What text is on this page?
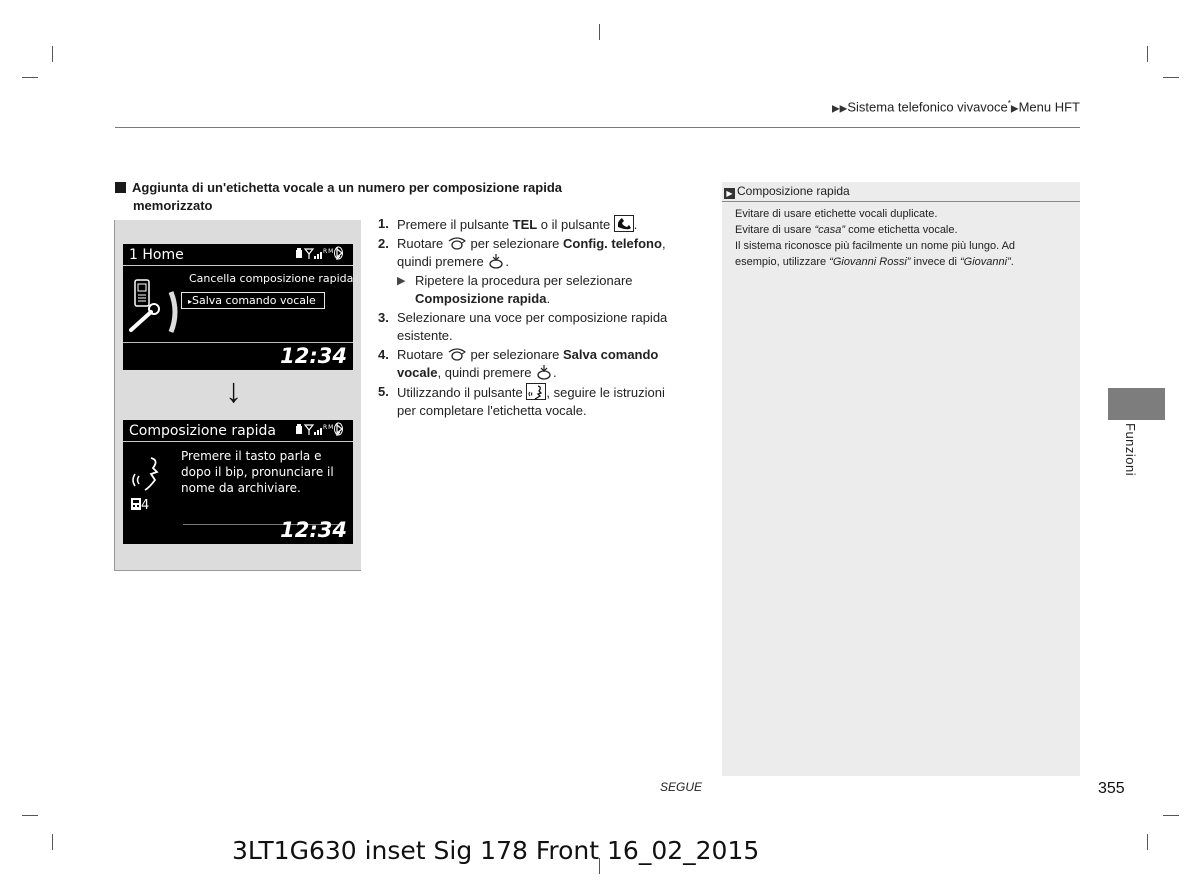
▶▶Sistema telefonico vivavoce*▶Menu HFT
Aggiunta di un'etichetta vocale a un numero per composizione rapida
memorizzato
1 Home	RM
Cancella composizione rapida
▸Salva comando vocale
12:34
↓
Composizione rapida	RM
Premere il tasto parla e dopo il bip, pronunciare il nome da archiviare.
4
12:34
1. Premere il pulsante TEL o il pulsante .
2. Ruotare  per selezionare Config. telefono,
quindi premere .
▶ Ripetere la procedura per selezionare
Composizione rapida.
3. Selezionare una voce per composizione rapida
esistente.
4. Ruotare  per selezionare Salva comando
vocale, quindi premere .
5. Utilizzando il pulsante , seguire le istruzioni
per completare l'etichetta vocale.
▶ Composizione rapida
Evitare di usare etichette vocali duplicate.
Evitare di usare “casa” come etichetta vocale.
Il sistema riconosce più facilmente un nome più lungo. Ad
esempio, utilizzare “Giovanni Rossi” invece di “Giovanni”.
Funzioni
SEGUE	355
3LT1G630 inset Sig 178 Front 16_02_2015
